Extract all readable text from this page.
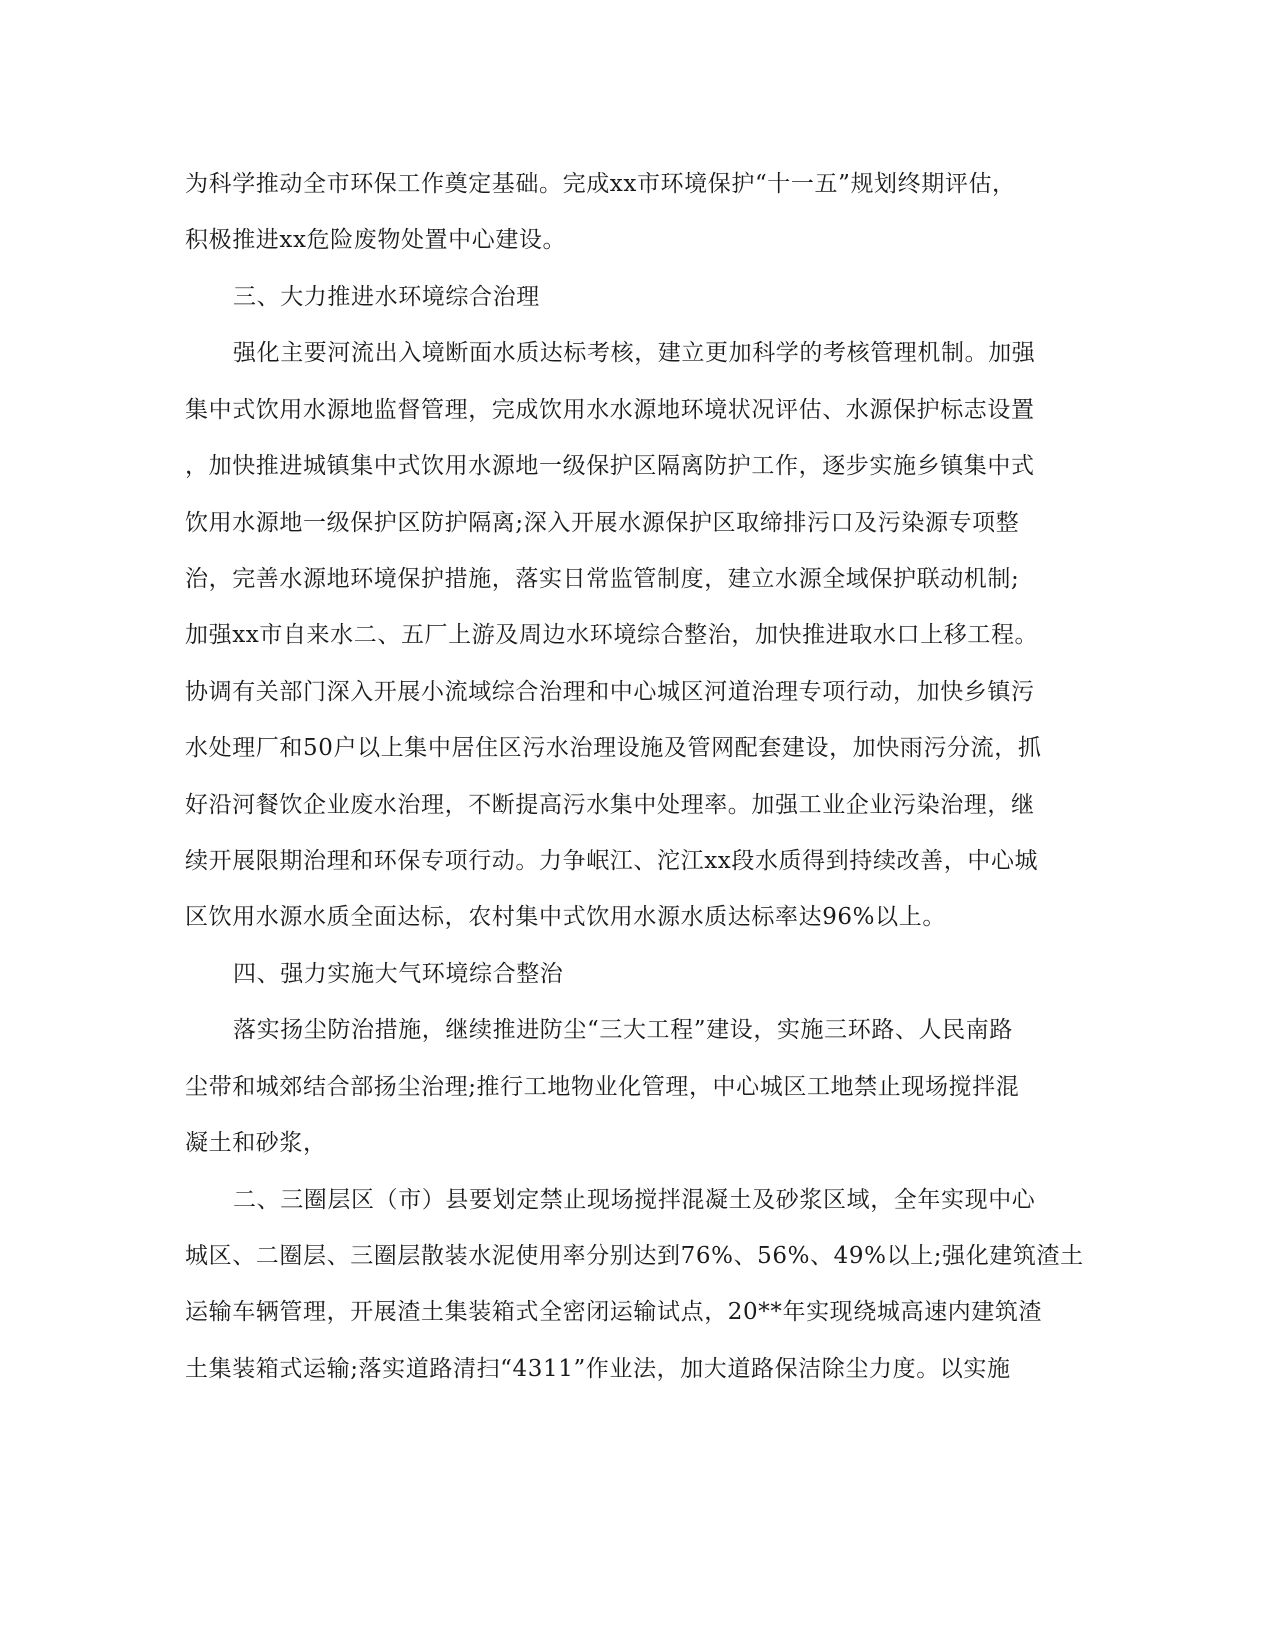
为科学推动全市环保工作奠定基础。完成xx市环境保护“十一五”规划终期评估，
积极推进xx危险废物处置中心建设。
三、大力推进水环境综合治理
强化主要河流出入境断面水质达标考核，建立更加科学的考核管理机制。加强
集中式饮用水源地监督管理，完成饮用水水源地环境状况评估、水源保护标志设置
，加快推进城镇集中式饮用水源地一级保护区隔离防护工作，逐步实施乡镇集中式
饮用水源地一级保护区防护隔离;深入开展水源保护区取缔排污口及污染源专项整
治，完善水源地环境保护措施，落实日常监管制度，建立水源全域保护联动机制;
加强xx市自来水二、五厂上游及周边水环境综合整治，加快推进取水口上移工程。
协调有关部门深入开展小流域综合治理和中心城区河道治理专项行动，加快乡镇污
水处理厂和50户以上集中居住区污水治理设施及管网配套建设，加快雨污分流，抓
好沿河餐饮企业废水治理，不断提高污水集中处理率。加强工业企业污染治理，继
续开展限期治理和环保专项行动。力争岷江、沱江xx段水质得到持续改善，中心城
区饮用水源水质全面达标，农村集中式饮用水源水质达标率达96%以上。
四、强力实施大气环境综合整治
落实扬尘防治措施，继续推进防尘“三大工程”建设，实施三环路、人民南路
尘带和城郊结合部扬尘治理;推行工地物业化管理，中心城区工地禁止现场搅拌混
凝土和砂浆，
二、三圈层区（市）县要划定禁止现场搅拌混凝土及砂浆区域，全年实现中心
城区、二圈层、三圈层散装水泥使用率分别达到76%、56%、49%以上;强化建筑渣土
运输车辆管理，开展渣土集装箱式全密闭运输试点，20**年实现绕城高速内建筑渣
土集装箱式运输;落实道路清扫“4311”作业法，加大道路保洁除尘力度。以实施
